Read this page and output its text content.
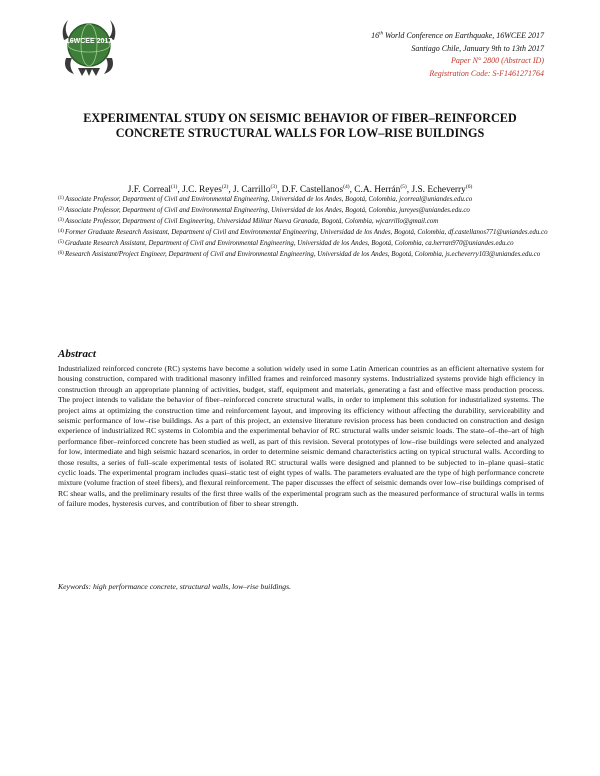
16WCEE 2017
16th World Conference on Earthquake, 16WCEE 2017
Santiago Chile, January 9th to 13th 2017
Paper N° 2800 (Abstract ID)
Registration Code: S-F1461271764
EXPERIMENTAL STUDY ON SEISMIC BEHAVIOR OF FIBER–REINFORCED CONCRETE STRUCTURAL WALLS FOR LOW–RISE BUILDINGS
J.F. Correal$^{(1)}$, J.C. Reyes$^{(2)}$, J. Carrillo$^{(3)}$, D.F. Castellanos$^{(4)}$, C.A. Herrán$^{(5)}$, J.S. Echeverry$^{(6)}$
(1) Associate Professor, Department of Civil and Environmental Engineering, Universidad de los Andes, Bogotá, Colombia, jcorreal@uniandes.edu.co
(2) Associate Professor, Department of Civil and Environmental Engineering, Universidad de los Andes, Bogotá, Colombia, jureyes@uniandes.edu.co
(3) Associate Professor, Department of Civil Engineering, Universidad Militar Nueva Granada, Bogotá, Colombia, wjcarrillo@gmail.com
(4) Former Graduate Research Assistant, Department of Civil and Environmental Engineering, Universidad de los Andes, Bogotá, Colombia, df.castellanos771@uniandes.edu.co
(5) Graduate Research Assistant, Department of Civil and Environmental Engineering, Universidad de los Andes, Bogotá, Colombia, ca.herran970@uniandes.edu.co
(6) Research Assistant/Project Engineer, Department of Civil and Environmental Engineering, Universidad de los Andes, Bogotá, Colombia, js.echeverry103@uniandes.edu.co
Abstract

Industrialized reinforced concrete (RC) systems have become a solution widely used in some Latin American countries as an efficient alternative system for housing construction, compared with traditional masonry infilled frames and reinforced masonry systems. Industrialized systems provide high efficiency in construction through an appropriate planning of activities, budget, staff, equipment and materials, generating a fast and effective mass production process. The project intends to validate the behavior of fiber–reinforced concrete structural walls, in order to implement this solution for industrialized systems. The project aims at optimizing the construction time and reinforcement layout, and improving its efficiency without affecting the durability, serviceability and seismic performance of low–rise buildings. As a part of this project, an extensive literature revision process has been conducted on construction and design experience of industrialized RC systems in Colombia and the experimental behavior of RC structural walls under seismic loads. The state–of–the–art of high performance fiber–reinforced concrete has been studied as well, as part of this revision. Several prototypes of low–rise buildings were selected and analyzed for low, intermediate and high seismic hazard scenarios, in order to determine seismic demand characteristics acting on typical structural walls. According to those results, a series of full–scale experimental tests of isolated RC structural walls were designed and planned to be subjected to in–plane quasi–static cyclic loads. The experimental program includes quasi–static test of eight types of walls. The parameters evaluated are the type of high performance concrete mixture (volume fraction of steel fibers), and flexural reinforcement. The paper discusses the effect of seismic demands over low–rise buildings comprised of RC shear walls, and the preliminary results of the first three walls of the experimental program such as the measured performance of structural walls in terms of failure modes, hysteresis curves, and contribution of fiber to shear strength.

Keywords: high performance concrete, structural walls, low–rise buildings.
